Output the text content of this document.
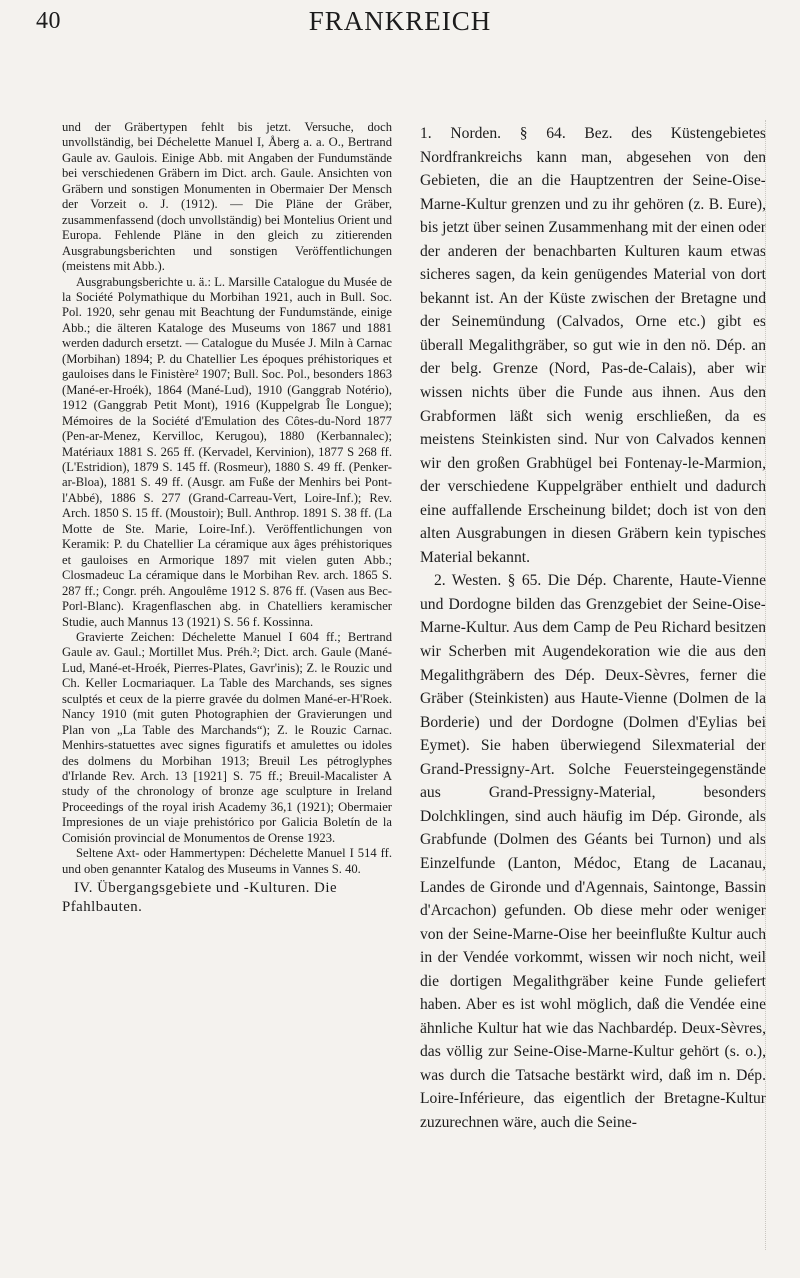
40	FRANKREICH

und der Gräbertypen fehlt bis jetzt. Versuche, doch unvollständig, bei Déchelette Manuel I, Åberg a. a. O., Bertrand Gaule av. Gaulois. Einige Abb. mit Angaben der Fundumstände bei verschiedenen Gräbern im Dict. arch. Gaule. Ansichten von Gräbern und sonstigen Monumenten in Obermaier Der Mensch der Vorzeit o. J. (1912). — Die Pläne der Gräber, zusammenfassend (doch unvollständig) bei Montelius Orient und Europa. Fehlende Pläne in den gleich zu zitierenden Ausgrabungsberichten und sonstigen Veröffentlichungen (meistens mit Abb.).

Ausgrabungsberichte u. ä.: L. Marsille Catalogue du Musée de la Société Polymathique du Morbihan 1921, auch in Bull. Soc. Pol. 1920, sehr genau mit Beachtung der Fundumstände, einige Abb.; die älteren Kataloge des Museums von 1867 und 1881 werden dadurch ersetzt. — Catalogue du Musée J. Miln à Carnac (Morbihan) 1894; P. du Chatellier Les époques préhistoriques et gauloises dans le Finistère² 1907; Bull. Soc. Pol., besonders 1863 (Mané-er-Hroék), 1864 (Mané-Lud), 1910 (Ganggrab Notério), 1912 (Ganggrab Petit Mont), 1916 (Kuppelgrab Île Longue); Mémoires de la Société d'Emulation des Côtes-du-Nord 1877 (Pen-ar-Menez, Kervilloc, Kerugou), 1880 (Kerbannalec); Matériaux 1881 S. 265 ff. (Kervadel, Kervinion), 1877 S 268 ff. (L'Estridion), 1879 S. 145 ff. (Rosmeur), 1880 S. 49 ff. (Penker-ar-Bloa), 1881 S. 49 ff. (Ausgr. am Fuße der Menhirs bei Pont-l'Abbé), 1886 S. 277 (Grand-Carreau-Vert, Loire-Inf.); Rev. Arch. 1850 S. 15 ff. (Moustoir); Bull. Anthrop. 1891 S. 38 ff. (La Motte de Ste. Marie, Loire-Inf.). Veröffentlichungen von Keramik: P. du Chatellier La céramique aux âges préhistoriques et gauloises en Armorique 1897 mit vielen guten Abb.; Closmadeuc La céramique dans le Morbihan Rev. arch. 1865 S. 287 ff.; Congr. préh. Angoulême 1912 S. 876 ff. (Vasen aus Bec-Porl-Blanc). Kragenflaschen abg. in Chatelliers keramischer Studie, auch Mannus 13 (1921) S. 56 f. Kossinna.

Gravierte Zeichen: Déchelette Manuel I 604 ff.; Bertrand Gaule av. Gaul.; Mortillet Mus. Préh.²; Dict. arch. Gaule (Mané-Lud, Mané-et-Hroék, Pierres-Plates, Gavr'inis); Z. le Rouzic und Ch. Keller Locmariaquer. La Table des Marchands, ses signes sculptés et ceux de la pierre gravée du dolmen Mané-er-H'Roek. Nancy 1910 (mit guten Photographien der Gravierungen und Plan von „La Table des Marchands“); Z. le Rouzic Carnac. Menhirs-statuettes avec signes figuratifs et amulettes ou idoles des dolmens du Morbihan 1913; Breuil Les pétroglyphes d'Irlande Rev. Arch. 13 [1921] S. 75 ff.; Breuil-Macalister A study of the chronology of bronze age sculpture in Ireland Proceedings of the royal irish Academy 36,1 (1921); Obermaier Impresiones de un viaje prehistórico por Galicia Boletín de la Comisión provincial de Monumentos de Orense 1923.

Seltene Axt- oder Hammertypen: Déchelette Manuel I 514 ff. und oben genannter Katalog des Museums in Vannes S. 40.

IV. Übergangsgebiete und -Kulturen. Die Pfahlbauten.

1. Norden. § 64. Bez. des Küstengebietes Nordfrankreichs kann man, abgesehen von den Gebieten, die an die Hauptzentren der Seine-Oise-Marne-Kultur grenzen und zu ihr gehören (z. B. Eure), bis jetzt über seinen Zusammenhang mit der einen oder der anderen der benachbarten Kulturen kaum etwas sicheres sagen, da kein genügendes Material von dort bekannt ist. An der Küste zwischen der Bretagne und der Seinemündung (Calvados, Orne etc.) gibt es überall Megalithgräber, so gut wie in den nö. Dép. an der belg. Grenze (Nord, Pas-de-Calais), aber wir wissen nichts über die Funde aus ihnen. Aus den Grabformen läßt sich wenig erschließen, da es meistens Steinkisten sind. Nur von Calvados kennen wir den großen Grabhügel bei Fontenay-le-Marmion, der verschiedene Kuppelgräber enthielt und dadurch eine auffallende Erscheinung bildet; doch ist von den alten Ausgrabungen in diesen Gräbern kein typisches Material bekannt.

2. Westen. § 65. Die Dép. Charente, Haute-Vienne und Dordogne bilden das Grenzgebiet der Seine-Oise-Marne-Kultur. Aus dem Camp de Peu Richard besitzen wir Scherben mit Augendekoration wie die aus den Megalithgräbern des Dép. Deux-Sèvres, ferner die Gräber (Steinkisten) aus Haute-Vienne (Dolmen de la Borderie) und der Dordogne (Dolmen d'Eylias bei Eymet). Sie haben überwiegend Silexmaterial der Grand-Pressigny-Art. Solche Feuersteingegenstände aus Grand-Pressigny-Material, besonders Dolchklingen, sind auch häufig im Dép. Gironde, als Grabfunde (Dolmen des Géants bei Turnon) und als Einzelfunde (Lanton, Médoc, Etang de Lacanau, Landes de Gironde und d'Agennais, Saintonge, Bassin d'Arcachon) gefunden. Ob diese mehr oder weniger von der Seine-Marne-Oise her beeinflußte Kultur auch in der Vendée vorkommt, wissen wir noch nicht, weil die dortigen Megalithgräber keine Funde geliefert haben. Aber es ist wohl möglich, daß die Vendée eine ähnliche Kultur hat wie das Nachbardép. Deux-Sèvres, das völlig zur Seine-Oise-Marne-Kultur gehört (s. o.), was durch die Tatsache bestärkt wird, daß im n. Dép. Loire-Inférieure, das eigentlich der Bretagne-Kultur zuzurechnen wäre, auch die Seine-
